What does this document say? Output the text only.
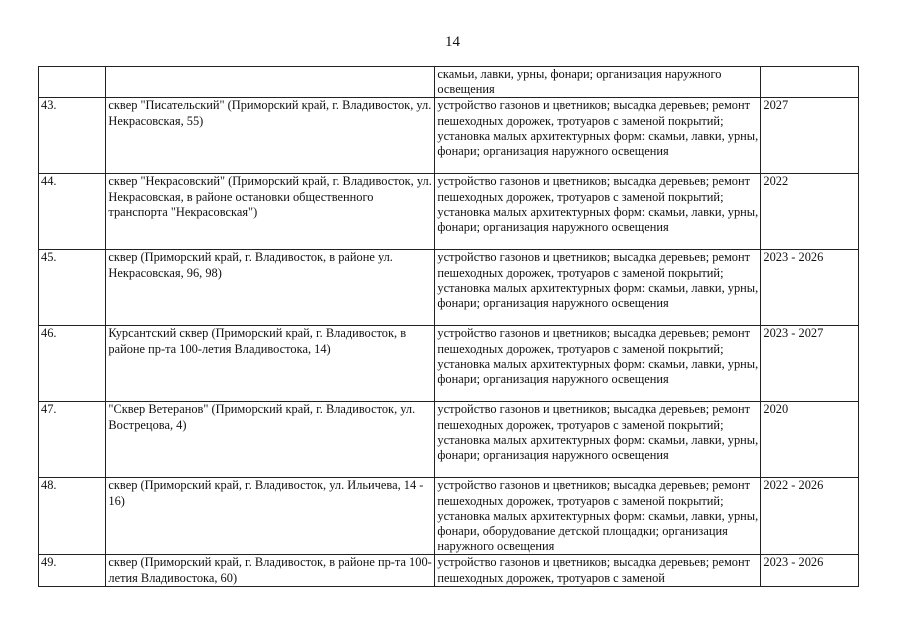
14
		скамьи, лавки, урны, фонари; организация наружного освещения	
43.	сквер "Писательский" (Приморский край, г. Владивосток, ул. Некрасовская, 55)	устройство газонов и цветников; высадка деревьев; ремонт пешеходных дорожек, тротуаров с заменой покрытий; установка малых архитектурных форм: скамьи, лавки, урны, фонари; организация наружного освещения	2027
44.	сквер "Некрасовский" (Приморский край, г. Владивосток, ул. Некрасовская, в районе остановки общественного транспорта "Некрасовская")	устройство газонов и цветников; высадка деревьев; ремонт пешеходных дорожек, тротуаров с заменой покрытий; установка малых архитектурных форм: скамьи, лавки, урны, фонари; организация наружного освещения	2022
45.	сквер (Приморский край, г. Владивосток, в районе ул. Некрасовская, 96, 98)	устройство газонов и цветников; высадка деревьев; ремонт пешеходных дорожек, тротуаров с заменой покрытий; установка малых архитектурных форм: скамьи, лавки, урны, фонари; организация наружного освещения	2023 - 2026
46.	Курсантский сквер (Приморский край, г. Владивосток, в районе пр-та 100-летия Владивостока, 14)	устройство газонов и цветников; высадка деревьев; ремонт пешеходных дорожек, тротуаров с заменой покрытий; установка малых архитектурных форм: скамьи, лавки, урны, фонари; организация наружного освещения	2023 - 2027
47.	"Сквер Ветеранов" (Приморский край, г. Владивосток, ул. Вострецова, 4)	устройство газонов и цветников; высадка деревьев; ремонт пешеходных дорожек, тротуаров с заменой покрытий; установка малых архитектурных форм: скамьи, лавки, урны, фонари; организация наружного освещения	2020
48.	сквер (Приморский край, г. Владивосток, ул. Ильичева, 14 - 16)	устройство газонов и цветников; высадка деревьев; ремонт пешеходных дорожек, тротуаров с заменой покрытий; установка малых архитектурных форм: скамьи, лавки, урны, фонари, оборудование детской площадки; организация наружного освещения	2022 - 2026
49.	сквер (Приморский край, г. Владивосток, в районе пр-та 100-летия Владивостока, 60)	устройство газонов и цветников; высадка деревьев; ремонт пешеходных дорожек, тротуаров с заменой	2023 - 2026
